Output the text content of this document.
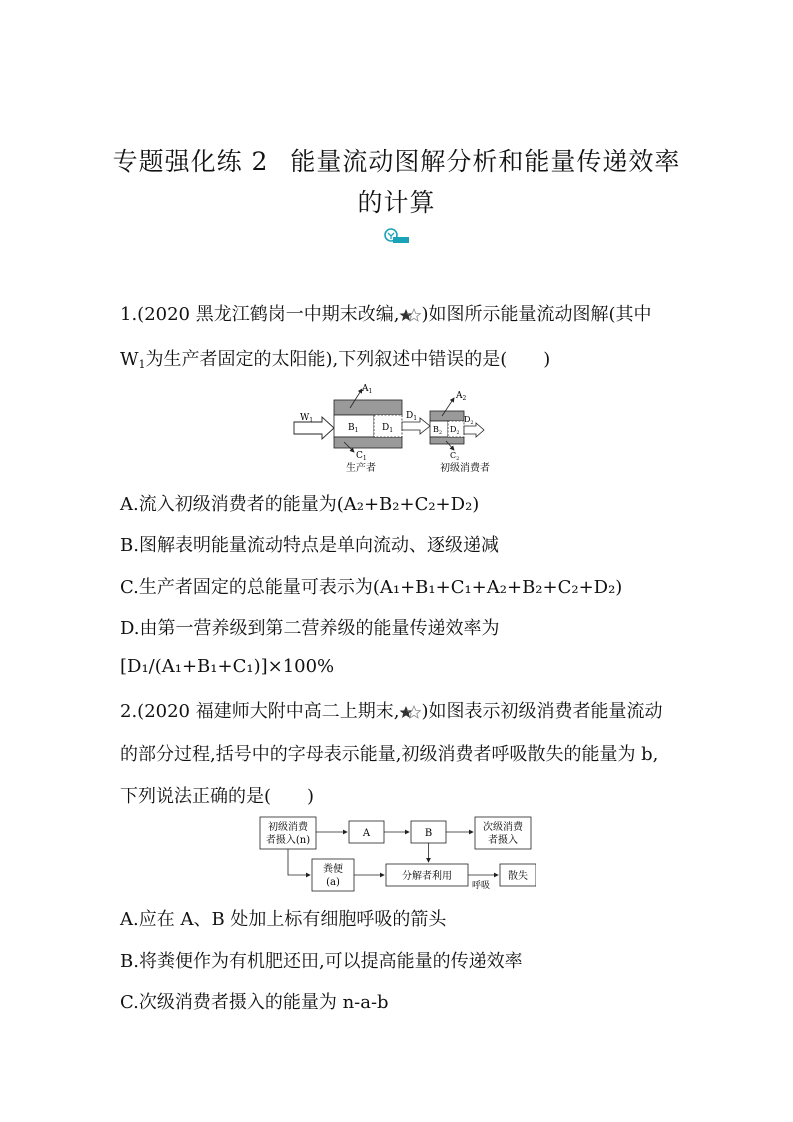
专题强化练 2 能量流动图解分析和能量传递效率
的计算
1.(2020 黑龙江鹤岗一中期末改编, )如图所示能量流动图解(其中
$W_1$为生产者固定的太阳能),下列叙述中错误的是(　　)
$W_1$
$B_1$	$D_1$
$A_1$
$C_1$
生产者
$D_1$
$B_2$ $D_2$
$A_2$
$C_2$
$D_2$
初级消费者
A.流入初级消费者的能量为(A₂+B₂+C₂+D₂)
B.图解表明能量流动特点是单向流动、逐级递减
C.生产者固定的总能量可表示为(A₁+B₁+C₁+A₂+B₂+C₂+D₂)
D.由第一营养级到第二营养级的能量传递效率为
[D₁/(A₁+B₁+C₁)]×100%
2.(2020 福建师大附中高二上期末, )如图表示初级消费者能量流动
的部分过程,括号中的字母表示能量,初级消费者呼吸散失的能量为 b,
下列说法正确的是(　　)
初级消费
者摄入(n)
A	B
次级消费
者摄入
粪便
(a)
分解者利用	散失
呼吸
A.应在 A、B 处加上标有细胞呼吸的箭头
B.将粪便作为有机肥还田,可以提高能量的传递效率
C.次级消费者摄入的能量为 n-a-b
